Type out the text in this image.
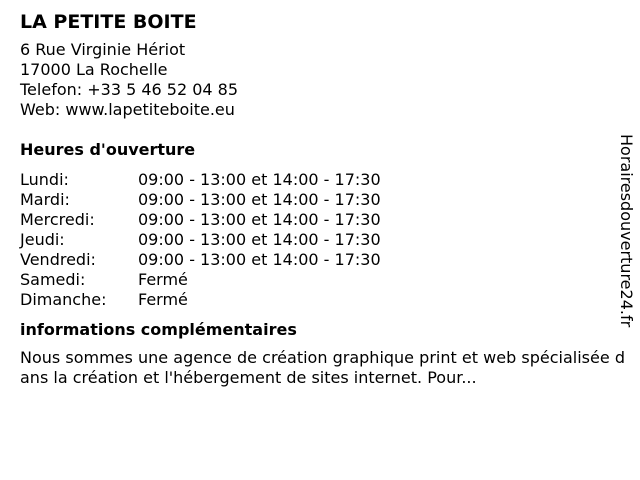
LA PETITE BOITE
6 Rue Virginie Hériot
17000 La Rochelle
Telefon: +33 5 46 52 04 85
Web: www.lapetiteboite.eu
Heures d'ouverture
Lundi:	09:00 - 13:00 et 14:00 - 17:30
Mardi:	09:00 - 13:00 et 14:00 - 17:30
Mercredi:	09:00 - 13:00 et 14:00 - 17:30
Jeudi:	09:00 - 13:00 et 14:00 - 17:30
Vendredi:	09:00 - 13:00 et 14:00 - 17:30
Samedi:	Fermé
Dimanche:	Fermé
informations complémentaires
Nous sommes une agence de création graphique print et web spécialisée dans la création et l'hébergement de sites internet. Pour...
Horairesdouverture24.fr
